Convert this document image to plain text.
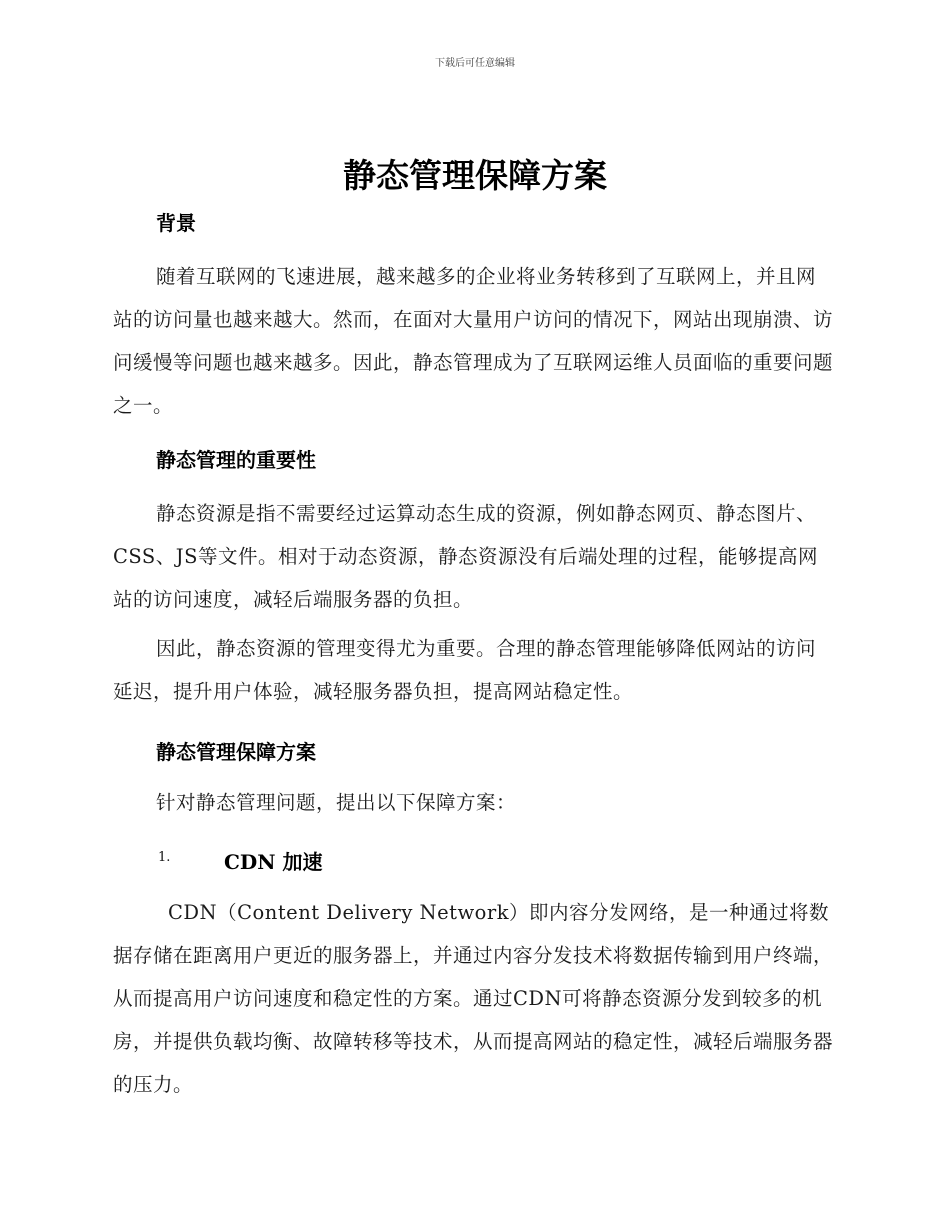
下载后可任意编辑
静态管理保障方案
背景

随着互联网的飞速进展，越来越多的企业将业务转移到了互联网上，并且网站的访问量也越来越大。然而，在面对大量用户访问的情况下，网站出现崩溃、访问缓慢等问题也越来越多。因此，静态管理成为了互联网运维人员面临的重要问题之一。

静态管理的重要性

静态资源是指不需要经过运算动态生成的资源，例如静态网页、静态图片、CSS、JS等文件。相对于动态资源，静态资源没有后端处理的过程，能够提高网站的访问速度，减轻后端服务器的负担。

因此，静态资源的管理变得尤为重要。合理的静态管理能够降低网站的访问延迟，提升用户体验，减轻服务器负担，提高网站稳定性。

静态管理保障方案

针对静态管理问题，提出以下保障方案：

1.	CDN 加速

CDN（Content Delivery Network）即内容分发网络，是一种通过将数据存储在距离用户更近的服务器上，并通过内容分发技术将数据传输到用户终端，从而提高用户访问速度和稳定性的方案。通过CDN可将静态资源分发到较多的机房，并提供负载均衡、故障转移等技术，从而提高网站的稳定性，减轻后端服务器的压力。
